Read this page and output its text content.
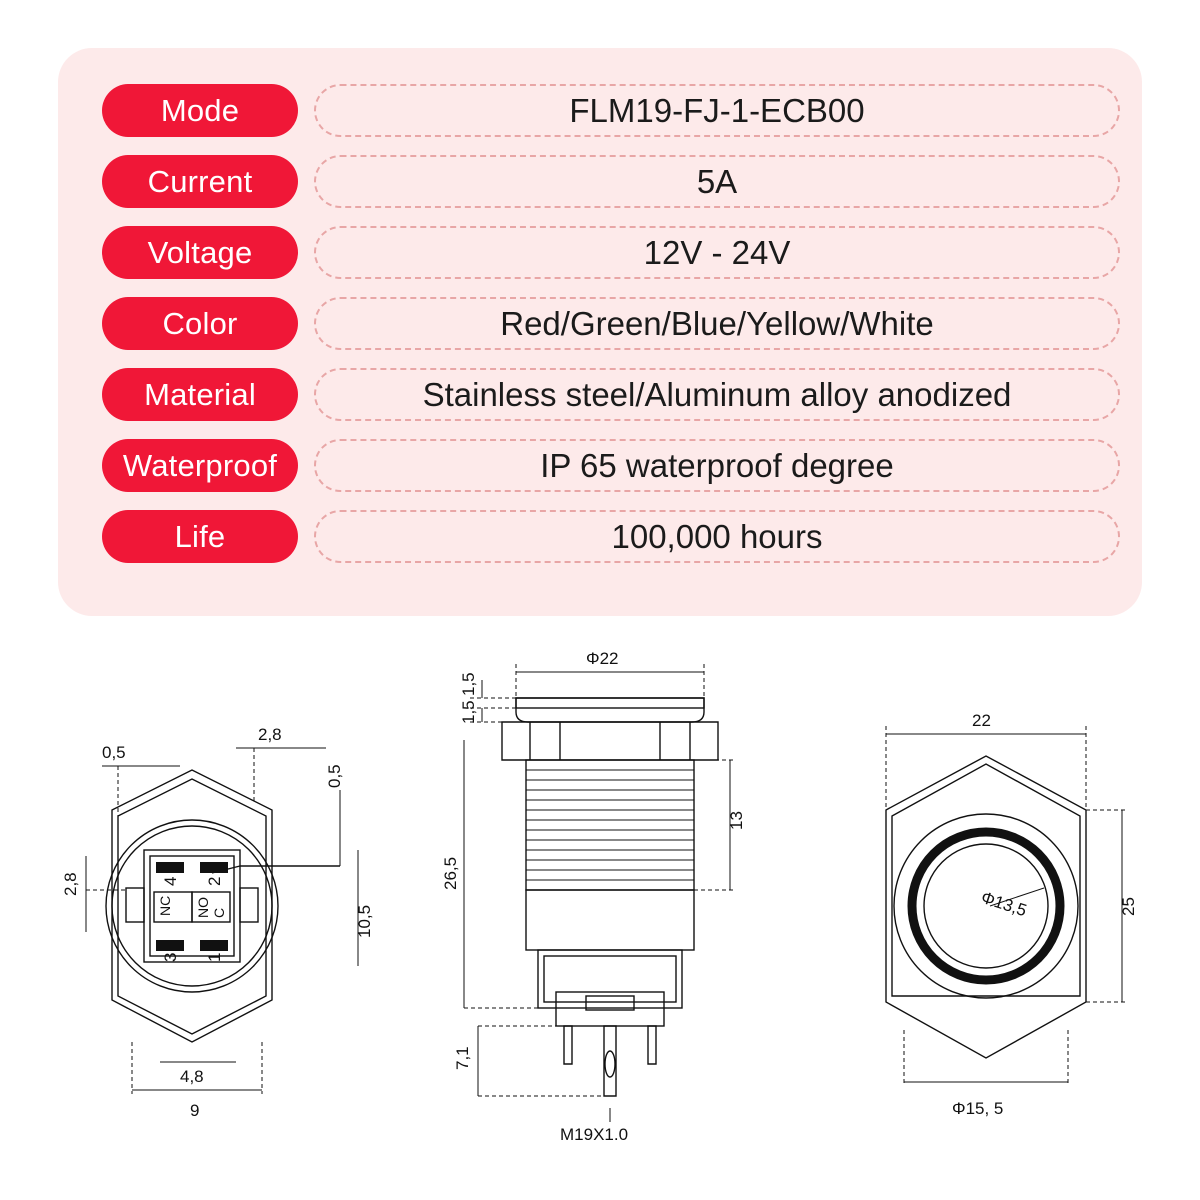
Mode	FLM19-FJ-1-ECB00
Current	5A
Voltage	12V - 24V
Color	Red/Green/Blue/Yellow/White
Material	Stainless steel/Aluminum alloy anodized
Waterproof	IP 65 waterproof degree
Life	100,000 hours
4 2
3 1
NC NO C
0,5
2,8
0,5
2,8
10,5
4,8
9
1,5
1,5
Φ22
13
26,5
7,1
M19X1.0
22
Φ13,5	25
Φ15, 5
